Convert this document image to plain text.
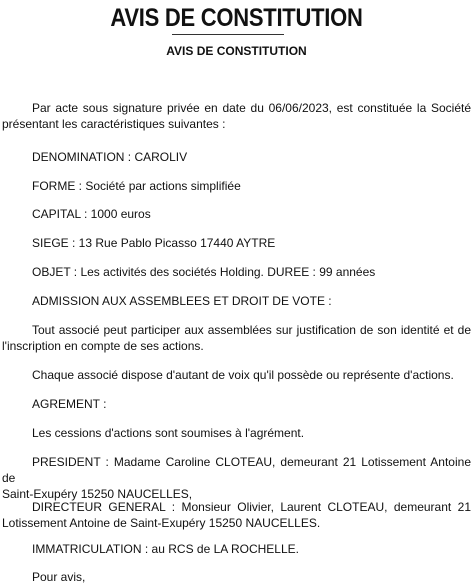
AVIS DE CONSTITUTION
AVIS DE CONSTITUTION
Par acte sous signature privée en date du 06/06/2023, est constituée la Société
présentant les caractéristiques suivantes :
DENOMINATION : CAROLIV
FORME : Société par actions simplifiée
CAPITAL : 1000 euros
SIEGE : 13 Rue Pablo Picasso 17440 AYTRE
OBJET : Les activités des sociétés Holding. DUREE : 99 années
ADMISSION AUX ASSEMBLEES ET DROIT DE VOTE :
Tout associé peut participer aux assemblées sur justification de son identité et de
l'inscription en compte de ses actions.
Chaque associé dispose d'autant de voix qu'il possède ou représente d'actions.
AGREMENT :
Les cessions d'actions sont soumises à l'agrément.
PRESIDENT : Madame Caroline CLOTEAU, demeurant 21 Lotissement Antoine de
Saint-Exupéry 15250 NAUCELLES,
DIRECTEUR GENERAL : Monsieur Olivier, Laurent CLOTEAU, demeurant 21
Lotissement Antoine de Saint-Exupéry 15250 NAUCELLES.
IMMATRICULATION : au RCS de LA ROCHELLE.
Pour avis,
